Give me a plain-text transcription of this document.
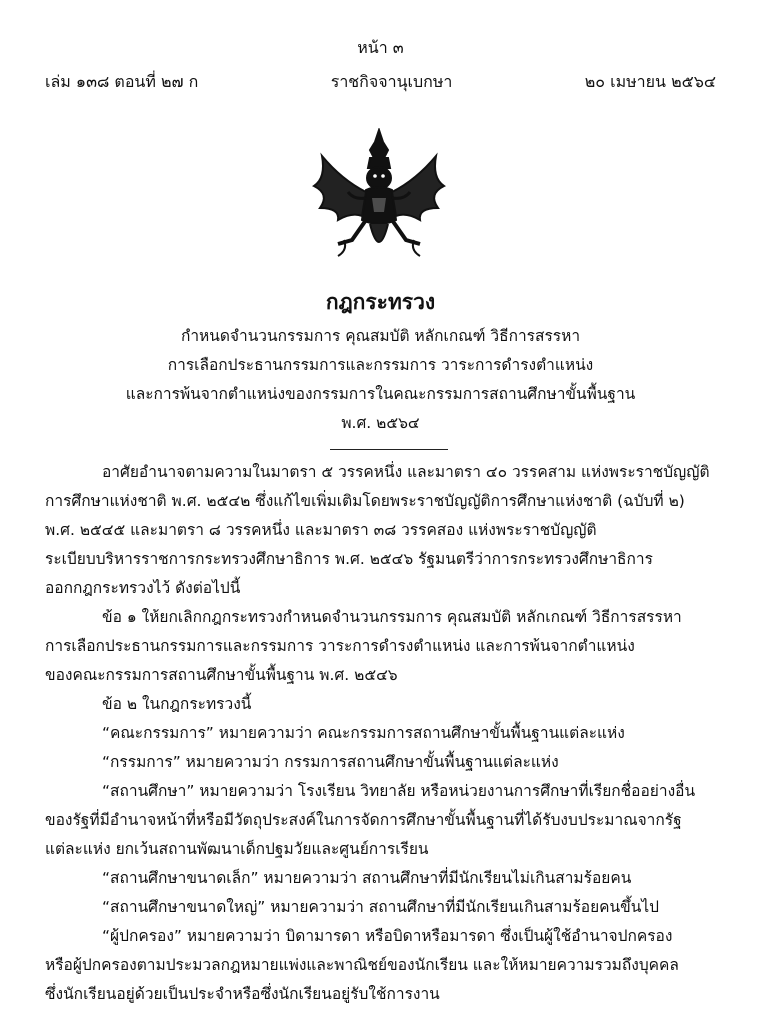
หน้า ๓
เล่ม ๑๓๘ ตอนที่ ๒๗ ก	ราชกิจจานุเบกษา	๒๐ เมษายน ๒๕๖๔
กฎกระทรวง
กำหนดจำนวนกรรมการ คุณสมบัติ หลักเกณฑ์ วิธีการสรรหา
การเลือกประธานกรรมการและกรรมการ วาระการดำรงตำแหน่ง
และการพ้นจากตำแหน่งของกรรมการในคณะกรรมการสถานศึกษาขั้นพื้นฐาน
พ.ศ. ๒๕๖๔
อาศัยอำนาจตามความในมาตรา ๕ วรรคหนึ่ง และมาตรา ๔๐ วรรคสาม แห่งพระราชบัญญัติ
การศึกษาแห่งชาติ พ.ศ. ๒๕๔๒ ซึ่งแก้ไขเพิ่มเติมโดยพระราชบัญญัติการศึกษาแห่งชาติ (ฉบับที่ ๒)
พ.ศ. ๒๕๔๕ และมาตรา ๘ วรรคหนึ่ง และมาตรา ๓๘ วรรคสอง แห่งพระราชบัญญัติ
ระเบียบบริหารราชการกระทรวงศึกษาธิการ พ.ศ. ๒๕๔๖ รัฐมนตรีว่าการกระทรวงศึกษาธิการ
ออกกฎกระทรวงไว้ ดังต่อไปนี้
ข้อ ๑ ให้ยกเลิกกฎกระทรวงกำหนดจำนวนกรรมการ คุณสมบัติ หลักเกณฑ์ วิธีการสรรหา
การเลือกประธานกรรมการและกรรมการ วาระการดำรงตำแหน่ง และการพ้นจากตำแหน่ง
ของคณะกรรมการสถานศึกษาขั้นพื้นฐาน พ.ศ. ๒๕๔๖
ข้อ ๒ ในกฎกระทรวงนี้
“คณะกรรมการ” หมายความว่า คณะกรรมการสถานศึกษาขั้นพื้นฐานแต่ละแห่ง
“กรรมการ” หมายความว่า กรรมการสถานศึกษาขั้นพื้นฐานแต่ละแห่ง
“สถานศึกษา” หมายความว่า โรงเรียน วิทยาลัย หรือหน่วยงานการศึกษาที่เรียกชื่ออย่างอื่น
ของรัฐที่มีอำนาจหน้าที่หรือมีวัตถุประสงค์ในการจัดการศึกษาขั้นพื้นฐานที่ได้รับงบประมาณจากรัฐ
แต่ละแห่ง ยกเว้นสถานพัฒนาเด็กปฐมวัยและศูนย์การเรียน
“สถานศึกษาขนาดเล็ก” หมายความว่า สถานศึกษาที่มีนักเรียนไม่เกินสามร้อยคน
“สถานศึกษาขนาดใหญ่” หมายความว่า สถานศึกษาที่มีนักเรียนเกินสามร้อยคนขึ้นไป
“ผู้ปกครอง” หมายความว่า บิดามารดา หรือบิดาหรือมารดา ซึ่งเป็นผู้ใช้อำนาจปกครอง
หรือผู้ปกครองตามประมวลกฎหมายแพ่งและพาณิชย์ของนักเรียน และให้หมายความรวมถึงบุคคล
ซึ่งนักเรียนอยู่ด้วยเป็นประจำหรือซึ่งนักเรียนอยู่รับใช้การงาน
